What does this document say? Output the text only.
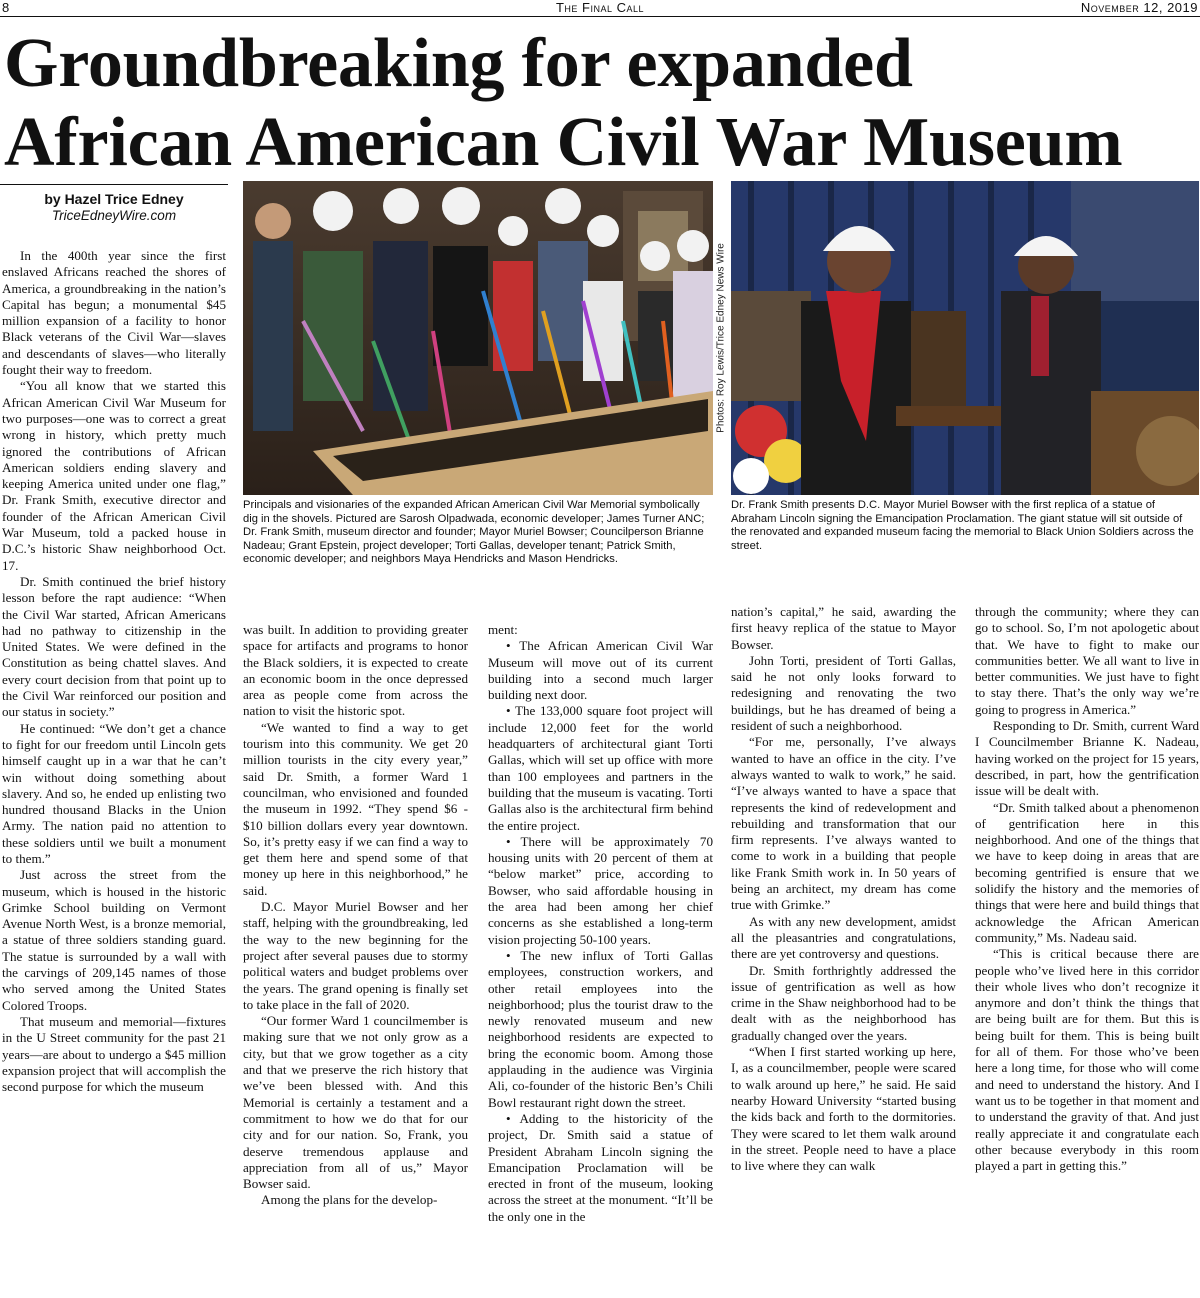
8	The Final Call	November 12, 2019
Groundbreaking for expanded
African American Civil War Museum
by Hazel Trice Edney
TriceEdneyWire.com
Photos: Roy Lewis/Trice Edney News Wire
Principals and visionaries of the expanded African American Civil War Memorial symbolically dig in the shovels. Pictured are Sarosh Olpadwada, economic developer; James Turner ANC; Dr. Frank Smith, museum director and founder; Mayor Muriel Bowser; Councilperson Brianne Nadeau; Grant Epstein, project developer; Torti Gallas, developer tenant; Patrick Smith, economic developer; and neighbors Maya Hendricks and Mason Hendricks.
Dr. Frank Smith presents D.C. Mayor Muriel Bowser with the first replica of a statue of Abraham Lincoln signing the Emancipation Proclamation. The giant statue will sit outside of the renovated and expanded museum facing the memorial to Black Union Soldiers across the street.

In the 400th year since the first enslaved Africans reached the shores of America, a groundbreaking in the nation’s Capital has begun; a monumental $45 million expansion of a facility to honor Black veterans of the Civil War—slaves and descendants of slaves—who literally fought their way to freedom.

“You all know that we started this African American Civil War Museum for two purposes—one was to correct a great wrong in history, which pretty much ignored the contributions of African American soldiers ending slavery and keeping America united under one flag,” Dr. Frank Smith, executive director and founder of the African American Civil War Museum, told a packed house in D.C.’s historic Shaw neighborhood Oct. 17.

Dr. Smith continued the brief history lesson before the rapt audience: “When the Civil War started, African Americans had no pathway to citizenship in the United States. We were defined in the Constitution as being chattel slaves. And every court decision from that point up to the Civil War reinforced our position and our status in society.”

He continued: “We don’t get a chance to fight for our freedom until Lincoln gets himself caught up in a war that he can’t win without doing something about slavery. And so, he ended up enlisting two hundred thousand Blacks in the Union Army. The nation paid no attention to these soldiers until we built a monument to them.”

Just across the street from the museum, which is housed in the historic Grimke School building on Vermont Avenue North West, is a bronze memorial, a statue of three soldiers standing guard. The statue is surrounded by a wall with the carvings of 209,145 names of those who served among the United States Colored Troops.

That museum and memorial—fixtures in the U Street community for the past 21 years—are about to undergo a $45 million expansion project that will accomplish the second purpose for which the museum

was built. In addition to providing greater space for artifacts and programs to honor the Black soldiers, it is expected to create an economic boom in the once depressed area as people come from across the nation to visit the historic spot.

“We wanted to find a way to get tourism into this community. We get 20 million tourists in the city every year,” said Dr. Smith, a former Ward 1 councilman, who envisioned and founded the museum in 1992. “They spend $6 - $10 billion dollars every year downtown. So, it’s pretty easy if we can find a way to get them here and spend some of that money up here in this neighborhood,” he said.

D.C. Mayor Muriel Bowser and her staff, helping with the groundbreaking, led the way to the new beginning for the project after several pauses due to stormy political waters and budget problems over the years. The grand opening is finally set to take place in the fall of 2020.

“Our former Ward 1 councilmember is making sure that we not only grow as a city, but that we grow together as a city and that we preserve the rich history that we’ve been blessed with. And this Memorial is certainly a testament and a commitment to how we do that for our city and for our nation. So, Frank, you deserve tremendous applause and appreciation from all of us,” Mayor Bowser said.

Among the plans for the develop-

ment:

• The African American Civil War Museum will move out of its current building into a second much larger building next door.

• The 133,000 square foot project will include 12,000 feet for the world headquarters of architectural giant Torti Gallas, which will set up office with more than 100 employees and partners in the building that the museum is vacating. Torti Gallas also is the architectural firm behind the entire project.

• There will be approximately 70 housing units with 20 percent of them at “below market” price, according to Bowser, who said affordable housing in the area had been among her chief concerns as she established a long-term vision projecting 50-100 years.

• The new influx of Torti Gallas employees, construction workers, and other retail employees into the neighborhood; plus the tourist draw to the newly renovated museum and new neighborhood residents are expected to bring the economic boom. Among those applauding in the audience was Virginia Ali, co-founder of the historic Ben’s Chili Bowl restaurant right down the street.

• Adding to the historicity of the project, Dr. Smith said a statue of President Abraham Lincoln signing the Emancipation Proclamation will be erected in front of the museum, looking across the street at the monument. “It’ll be the only one in the

nation’s capital,” he said, awarding the first heavy replica of the statue to Mayor Bowser.

John Torti, president of Torti Gallas, said he not only looks forward to redesigning and renovating the two buildings, but he has dreamed of being a resident of such a neighborhood.

“For me, personally, I’ve always wanted to have an office in the city. I’ve always wanted to walk to work,” he said. “I’ve always wanted to have a space that represents the kind of redevelopment and rebuilding and transformation that our firm represents. I’ve always wanted to come to work in a building that people like Frank Smith work in. In 50 years of being an architect, my dream has come true with Grimke.”

As with any new development, amidst all the pleasantries and congratulations, there are yet controversy and questions.

Dr. Smith forthrightly addressed the issue of gentrification as well as how crime in the Shaw neighborhood had to be dealt with as the neighborhood has gradually changed over the years.

“When I first started working up here, I, as a councilmember, people were scared to walk around up here,” he said. He said nearby Howard University “started busing the kids back and forth to the dormitories. They were scared to let them walk around in the street. People need to have a place to live where they can walk

through the community; where they can go to school. So, I’m not apologetic about that. We have to fight to make our communities better. We all want to live in better communities. We just have to fight to stay there. That’s the only way we’re going to progress in America.”

Responding to Dr. Smith, current Ward I Councilmember Brianne K. Nadeau, having worked on the project for 15 years, described, in part, how the gentrification issue will be dealt with.

“Dr. Smith talked about a phenomenon of gentrification here in this neighborhood. And one of the things that we have to keep doing in areas that are becoming gentrified is ensure that we solidify the history and the memories of things that were here and build things that acknowledge the African American community,” Ms. Nadeau said.

“This is critical because there are people who’ve lived here in this corridor their whole lives who don’t recognize it anymore and don’t think the things that are being built are for them. But this is being built for them. This is being built for all of them. For those who’ve been here a long time, for those who will come and need to understand the history. And I want us to be together in that moment and to understand the gravity of that. And just really appreciate it and congratulate each other because everybody in this room played a part in getting this.”
